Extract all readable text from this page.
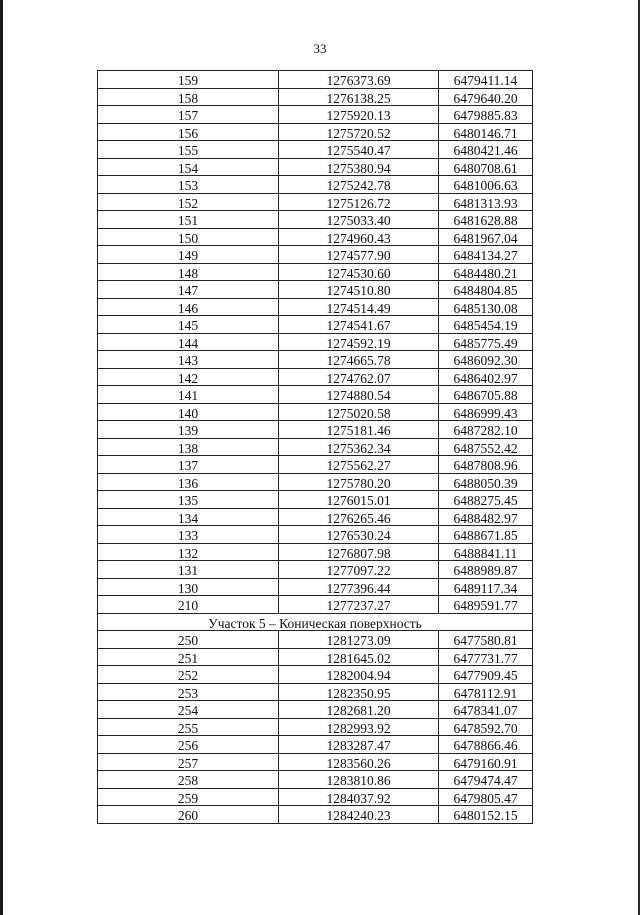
33
159	1276373.69	6479411.14
158	1276138.25	6479640.20
157	1275920.13	6479885.83
156	1275720.52	6480146.71
155	1275540.47	6480421.46
154	1275380.94	6480708.61
153	1275242.78	6481006.63
152	1275126.72	6481313.93
151	1275033.40	6481628.88
150	1274960.43	6481967.04
149	1274577.90	6484134.27
148	1274530.60	6484480.21
147	1274510.80	6484804.85
146	1274514.49	6485130.08
145	1274541.67	6485454.19
144	1274592.19	6485775.49
143	1274665.78	6486092.30
142	1274762.07	6486402.97
141	1274880.54	6486705.88
140	1275020.58	6486999.43
139	1275181.46	6487282.10
138	1275362.34	6487552.42
137	1275562.27	6487808.96
136	1275780.20	6488050.39
135	1276015.01	6488275.45
134	1276265.46	6488482.97
133	1276530.24	6488671.85
132	1276807.98	6488841.11
131	1277097.22	6488989.87
130	1277396.44	6489117.34
210	1277237.27	6489591.77
Участок 5 – Коническая поверхность		
250	1281273.09	6477580.81
251	1281645.02	6477731.77
252	1282004.94	6477909.45
253	1282350.95	6478112.91
254	1282681.20	6478341.07
255	1282993.92	6478592.70
256	1283287.47	6478866.46
257	1283560.26	6479160.91
258	1283810.86	6479474.47
259	1284037.92	6479805.47
260	1284240.23	6480152.15
